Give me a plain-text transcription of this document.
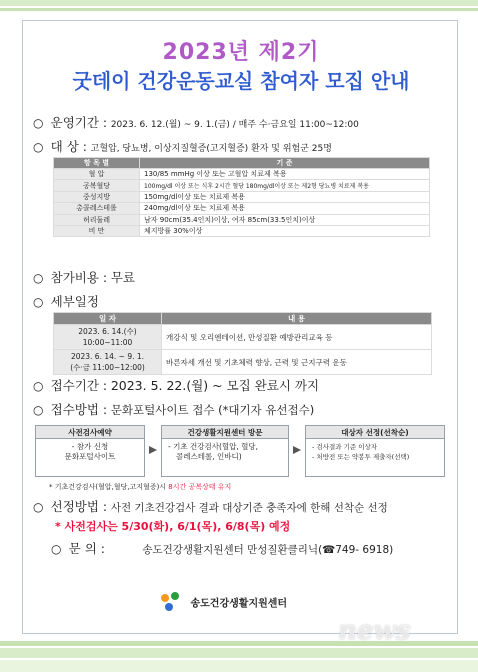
2023년 제2기
굿데이 건강운동교실 참여자 모집 안내
○ 운영기간 : 2023. 6. 12.(월) ~ 9. 1.(금) / 매주 수·금요일 11:00~12:00
○ 대 상 : 고혈압, 당뇨병, 이상지질혈증(고지혈증) 환자 및 위험군 25명
항 목 별	기 준
혈 압	130/85 mmHg 이상 또는 고혈압 치료제 복용
공복혈당	100mg/dl 이상 또는 식후 2시간 혈당 180mg/dl이상 또는 제2형 당뇨병 치료제 복용
중성지방	150mg/dl이상 또는 치료제 복용
총콜레스테롤	240mg/dl이상 또는 치료제 복용
허리둘레	남자 90cm(35.4인치)이상, 여자 85cm(33.5인치)이상
비 만	체지방률 30%이상
○ 참가비용 : 무료
○ 세부일정
일 자	내 용

2023. 6. 14.(수)
10:00~11:00	개강식 및 오리엔테이션, 만성질환 예방관리교육 등

2023. 6. 14. ~ 9. 1.
(수·금 11:00~12:00)	바른자세 개선 및 기초체력 향상, 근력 및 근지구력 운동
○ 접수기간 : 2023. 5. 22.(월) ~ 모집 완료시 까지
○ 접수방법 : 문화포털사이트 접수 (*대기자 유선접수)
사전검사예약
- 참가 신청
문화포털사이트
건강생활지원센터 방문
- 기초 건강검사(혈압, 혈당,
콜레스테롤, 인바디)
대상자 선정(선착순)
- 검사결과 기준 이상자
- 처방전 또는 약봉투 제출자(선택)
* 기초건강검사(혈압,혈당,고지혈증)시 8시간 공복상태 유지
○ 선정방법 : 사전 기초건강검사 결과 대상기준 충족자에 한해 선착순 선정
* 사전검사는 5/30(화), 6/1(목), 6/8(목) 예정
○ 문 의 :	송도건강생활지원센터 만성질환클리닉(☎749- 6918)
송도건강생활지원센터
news
